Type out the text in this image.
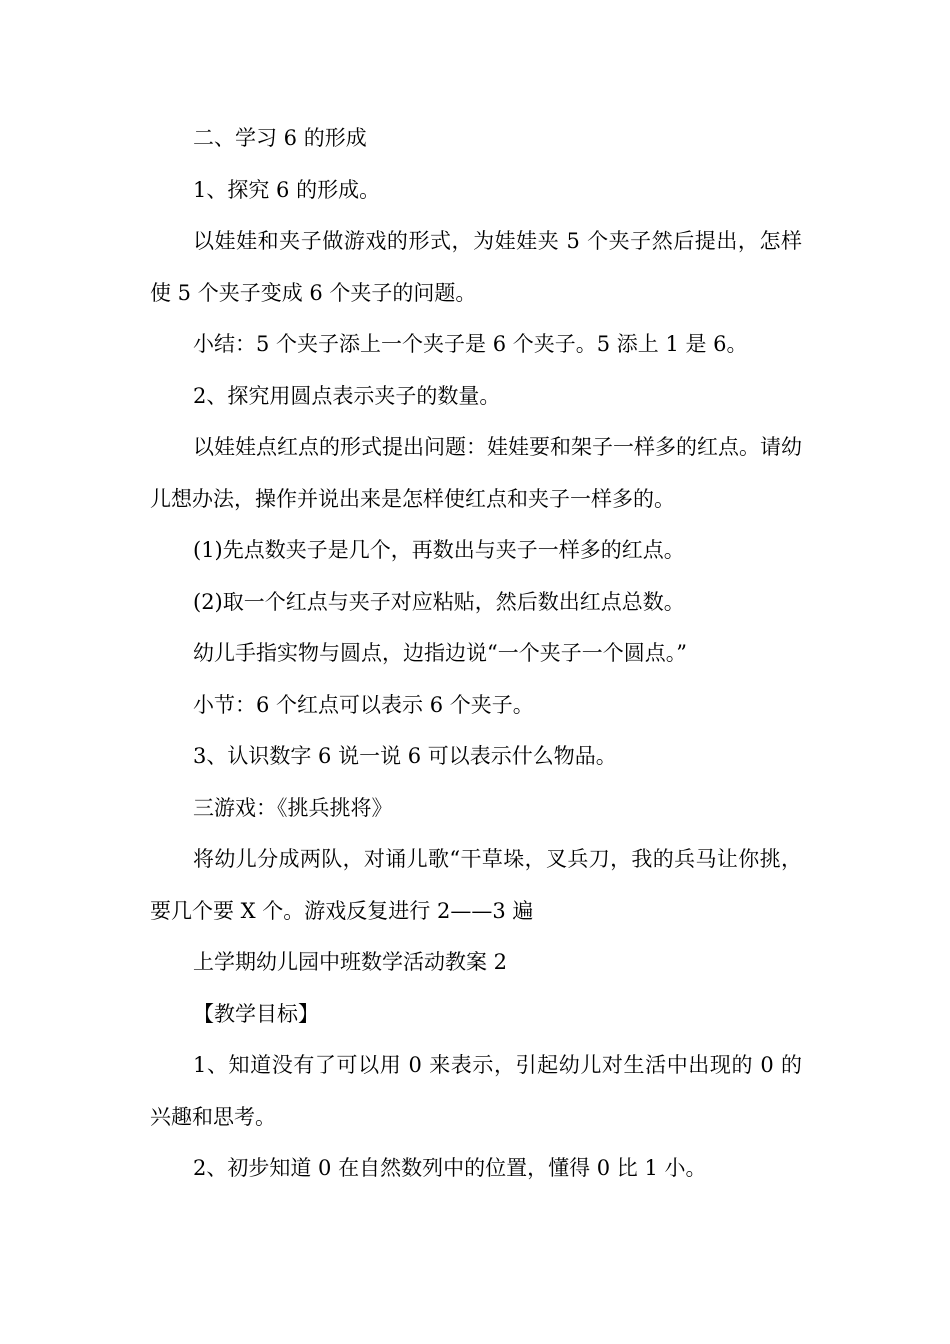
二、学习 6 的形成

1、探究 6 的形成。

以娃娃和夹子做游戏的形式，为娃娃夹 5 个夹子然后提出，怎样使 5 个夹子变成 6 个夹子的问题。

小结：5 个夹子添上一个夹子是 6 个夹子。5 添上 1 是 6。

2、探究用圆点表示夹子的数量。

以娃娃点红点的形式提出问题：娃娃要和架子一样多的红点。请幼儿想办法，操作并说出来是怎样使红点和夹子一样多的。

(1)先点数夹子是几个，再数出与夹子一样多的红点。

(2)取一个红点与夹子对应粘贴，然后数出红点总数。

幼儿手指实物与圆点，边指边说“一个夹子一个圆点。”

小节：6 个红点可以表示 6 个夹子。

3、认识数字 6 说一说 6 可以表示什么物品。

三游戏：《挑兵挑将》

将幼儿分成两队，对诵儿歌“干草垛，叉兵刀，我的兵马让你挑，要几个要 X 个。游戏反复进行 2——3 遍

上学期幼儿园中班数学活动教案 2

【教学目标】

1、知道没有了可以用 0 来表示，引起幼儿对生活中出现的 0 的兴趣和思考。

2、初步知道 0 在自然数列中的位置，懂得 0 比 1 小。
